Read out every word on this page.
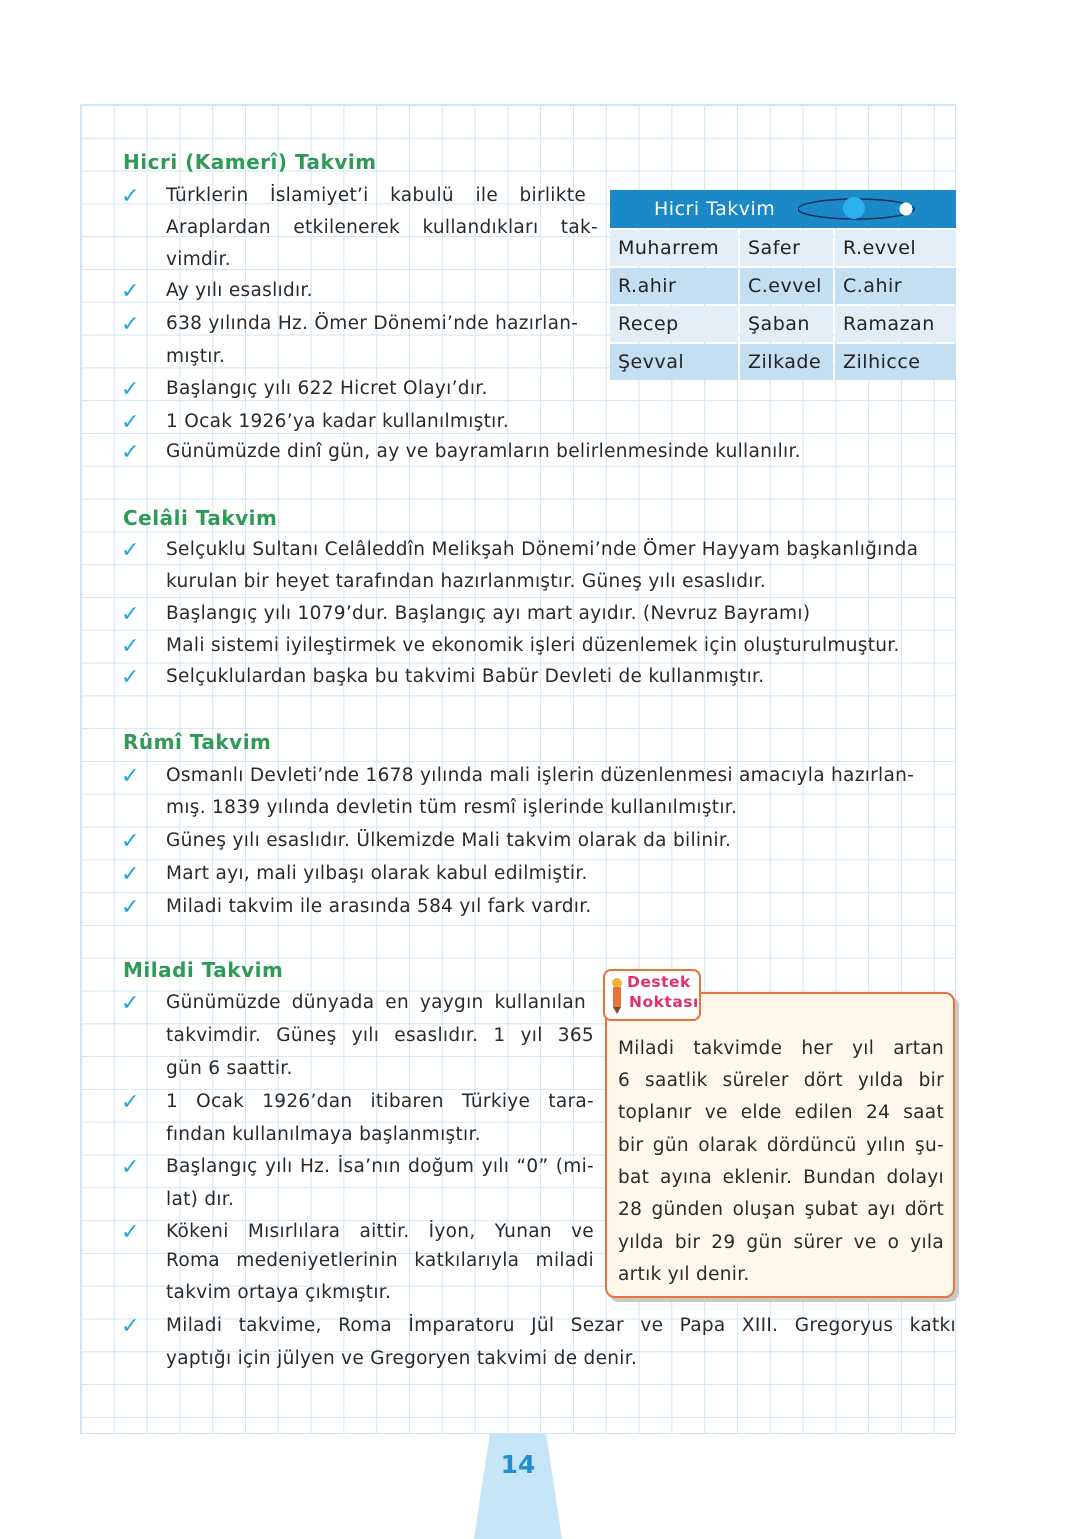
Hicri (Kamerî) Takvim
✓ Türklerin İslamiyet’i kabulü ile birlikte
Araplardan etkilenerek kullandıkları tak-
vimdir.
✓ Ay yılı esaslıdır.
✓ 638 yılında Hz. Ömer Dönemi’nde hazırlan-
mıştır.
✓ Başlangıç yılı 622 Hicret Olayı’dır.
✓ 1 Ocak 1926’ya kadar kullanılmıştır.
✓ Günümüzde dinî gün, ay ve bayramların belirlenmesinde kullanılır.
Hicri Takvim
Muharrem	Safer	R.evvel
R.ahir	C.evvel	C.ahir
Recep	Şaban	Ramazan
Şevval	Zilkade	Zilhicce
Celâli Takvim
✓ Selçuklu Sultanı Celâleddîn Melikşah Dönemi’nde Ömer Hayyam başkanlığında
kurulan bir heyet tarafından hazırlanmıştır. Güneş yılı esaslıdır.
✓ Başlangıç yılı 1079’dur. Başlangıç ayı mart ayıdır. (Nevruz Bayramı)
✓ Mali sistemi iyileştirmek ve ekonomik işleri düzenlemek için oluşturulmuştur.
✓ Selçuklulardan başka bu takvimi Babür Devleti de kullanmıştır.
Rûmî Takvim
✓ Osmanlı Devleti’nde 1678 yılında mali işlerin düzenlenmesi amacıyla hazırlan-
mış. 1839 yılında devletin tüm resmî işlerinde kullanılmıştır.
✓ Güneş yılı esaslıdır. Ülkemizde Mali takvim olarak da bilinir.
✓ Mart ayı, mali yılbaşı olarak kabul edilmiştir.
✓ Miladi takvim ile arasında 584 yıl fark vardır.
Miladi Takvim
✓ Günümüzde dünyada en yaygın kullanılan
takvimdir. Güneş yılı esaslıdır. 1 yıl 365
gün 6 saattir.
✓ 1 Ocak 1926’dan itibaren Türkiye tara-
fından kullanılmaya başlanmıştır.
✓ Başlangıç yılı Hz. İsa’nın doğum yılı “0” (mi-
lat) dır.
✓ Kökeni Mısırlılara aittir. İyon, Yunan ve
Roma medeniyetlerinin katkılarıyla miladi
takvim ortaya çıkmıştır.
✓ Miladi takvime, Roma İmparatoru Jül Sezar ve Papa XIII. Gregoryus katkı
yaptığı için jülyen ve Gregoryen takvimi de denir.
Destek
Noktası
Miladi takvimde her yıl artan
6 saatlik süreler dört yılda bir
toplanır ve elde edilen 24 saat
bir gün olarak dördüncü yılın şu-
bat ayına eklenir. Bundan dolayı
28 günden oluşan şubat ayı dört
yılda bir 29 gün sürer ve o yıla
artık yıl denir.
14
